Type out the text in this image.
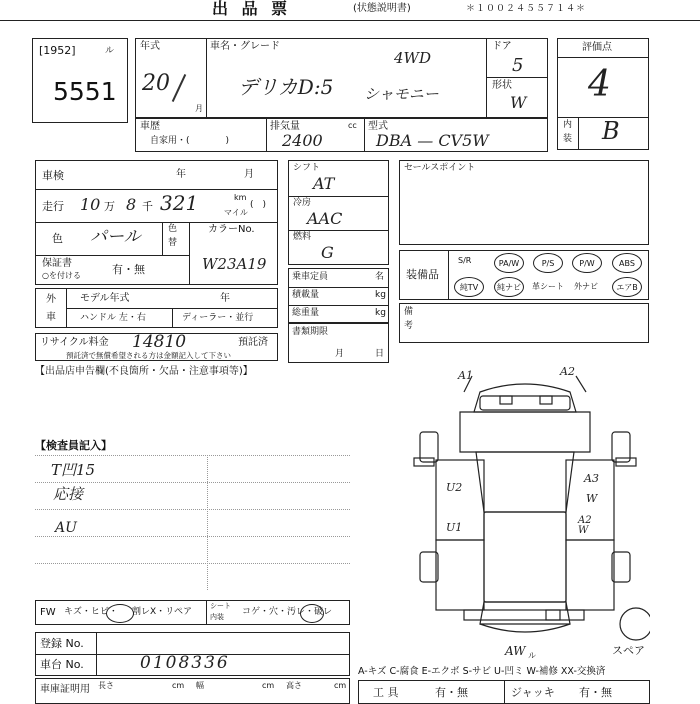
出 品 票	(状態説明書)	＊１００２４５５７１４＊
[1952]	ル
5551
年式
20
月
車名・グレード
デリカD:5
4WD
シャモニー
ドア
5
形状
W
評価点
4
内
装 B
車歴
自家用・(　　　　)
排気量	cc
2400
型式
DBA — CV5W
車検	年	月
走行 10 万 8 千 321	km
マイル
(　)
色 パール	色
替
カラーNo.
W23A19
保証書
○を付ける	有・無
シフト
AT
冷房
AAC
燃料
G
乗車定員	名
積載量	kg
総重量	kg
書類期限
月	日
外
車
モデル年式	年
ハンドル 左・右	ディーラー・並行
リサイクル料金 14810	預託済
預託済で無償希望される方は金額記入して下さい
セールスポイント
装備品
S/R	PA/W	P/S	P/W	ABS
純TV	純ナビ	革シート 外ナビ	エアB
備
考
【出品店申告欄(不良箇所・欠品・注意事項等)】
【検査員記入】
T凹15
応接
AU
FW キズ・ヒビ・ 割レX・リペア
シート
内装 コゲ・穴・汚レ・破レ
登録 No.
車台 No.	0108336
車庫証明用 長さ	cm 幅	cm 高さ	cm
A1	A2
U2
U1
A3
W
A2 W
AW ル	スペア
A-キズ C-腐食 E-エクボ S-サビ U-凹ミ W-補修 XX-交換済
工 具	有・無	ジャッキ 有・無
